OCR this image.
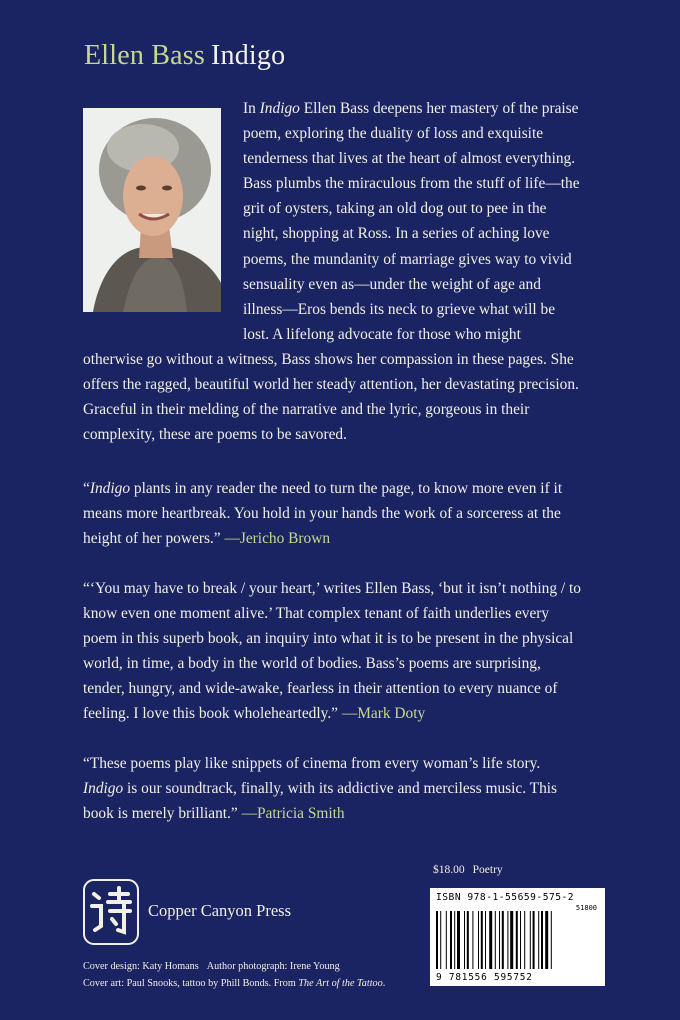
Ellen Bass Indigo
In Indigo Ellen Bass deepens her mastery of the praise poem, exploring the duality of loss and exquisite tenderness that lives at the heart of almost everything. Bass plumbs the miraculous from the stuff of life—the grit of oysters, taking an old dog out to pee in the night, shopping at Ross. In a series of aching love poems, the mundanity of marriage gives way to vivid sensuality even as—under the weight of age and illness—Eros bends its neck to grieve what will be lost. A lifelong advocate for those who might otherwise go without a witness, Bass shows her compassion in these pages. She offers the ragged, beautiful world her steady attention, her devastating precision. Graceful in their melding of the narrative and the lyric, gorgeous in their complexity, these are poems to be savored.
“Indigo plants in any reader the need to turn the page, to know more even if it means more heartbreak. You hold in your hands the work of a sorceress at the height of her powers.” —Jericho Brown
“‘You may have to break / your heart,’ writes Ellen Bass, ‘but it isn’t nothing / to know even one moment alive.’ That complex tenant of faith underlies every poem in this superb book, an inquiry into what it is to be present in the physical world, in time, a body in the world of bodies. Bass’s poems are surprising, tender, hungry, and wide-awake, fearless in their attention to every nuance of feeling. I love this book wholeheartedly.” —Mark Doty
“These poems play like snippets of cinema from every woman’s life story. Indigo is our soundtrack, finally, with its addictive and merciless music. This book is merely brilliant.” —Patricia Smith
Copper Canyon Press
$18.00 Poetry
ISBN 978-1-55659-575-2
51800
9 781556 595752
Cover design: Katy Homans Author photograph: Irene Young
Cover art: Paul Snooks, tattoo by Phill Bonds. From The Art of the Tattoo.
